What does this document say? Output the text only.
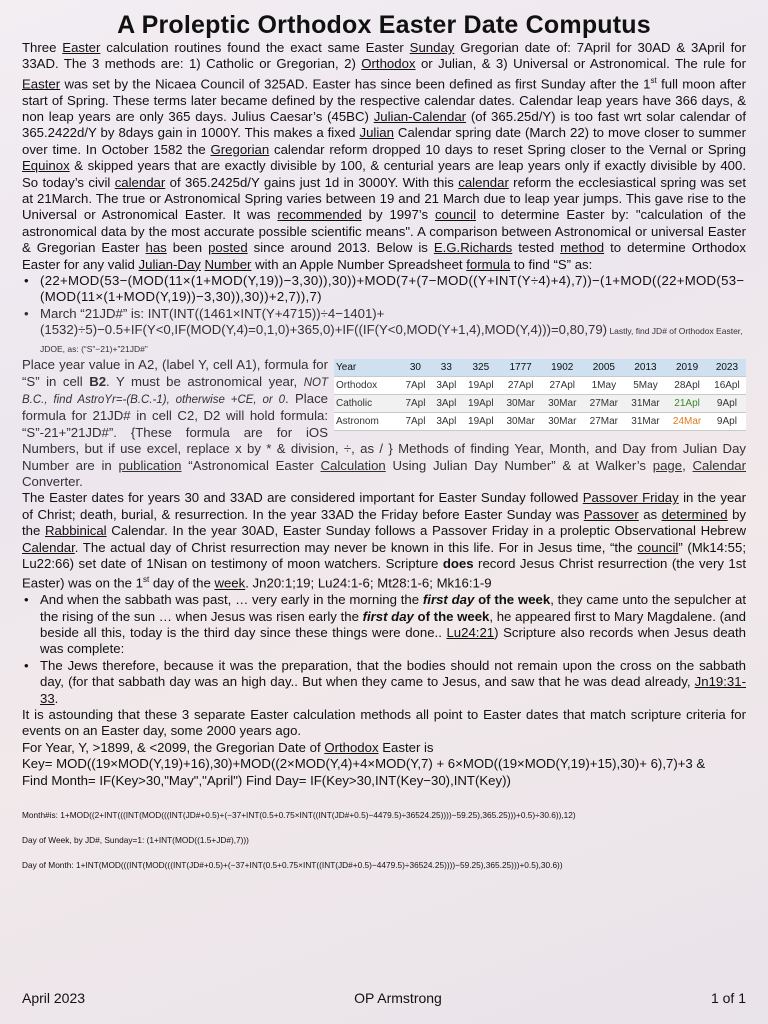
A Proleptic Orthodox Easter Date Computus

Three Easter calculation routines found the exact same Easter Sunday Gregorian date of: 7April for 30AD & 3April for 33AD. The 3 methods are: 1) Catholic or Gregorian, 2) Orthodox or Julian, & 3) Universal or Astronomical. The rule for Easter was set by the Nicaea Council of 325AD. Easter has since been defined as first Sunday after the 1st full moon after start of Spring. These terms later became defined by the respective calendar dates. Calendar leap years have 366 days, & non leap years are only 365 days. Julius Caesar’s (45BC) Julian-Calendar (of 365.25d/Y) is too fast wrt solar calendar of 365.2422d/Y by 8days gain in 1000Y. This makes a fixed Julian Calendar spring date (March 22) to move closer to summer over time. In October 1582 the Gregorian calendar reform dropped 10 days to reset Spring closer to the Vernal or Spring Equinox & skipped years that are exactly divisible by 100, & centurial years are leap years only if exactly divisible by 400. So today’s civil calendar of 365.2425d/Y gains just 1d in 3000Y. With this calendar reform the ecclesiastical spring was set at 21March. The true or Astronomical Spring varies between 19 and 21 March due to leap year jumps. This gave rise to the Universal or Astronomical Easter. It was recommended by 1997’s council to determine Easter by: "calculation of the astronomical data by the most accurate possible scientific means". A comparison between Astronomical or universal Easter & Gregorian Easter has been posted since around 2013. Below is E.G.Richards tested method to determine Orthodox Easter for any valid Julian-Day Number with an Apple Number Spreadsheet formula to find “S” as:

• (22+MOD(53−(MOD(11×(1+MOD(Y,19))−3,30)),30))+MOD(7+(7−MOD((Y+INT(Y÷4)+4),7))−(1+MOD((22+MOD(53−(MOD(11×(1+MOD(Y,19))−3,30)),30))+2,7)),7)

• March “21JD#” is: INT(INT((1461×INT(Y+4715))÷4−1401)+(1532)÷5)−0.5+IF(Y<0,IF(MOD(Y,4)=0,1,0)+365,0)+IF((IF(Y<0,MOD(Y+1,4),MOD(Y,4)))=0,80,79) Lastly, find JD# of Orthodox Easter, JDOE, as: (“S”−21)+”21JD#”

Year	30	33	325	1777	1902	2005	2013	2019	2023
Orthodox	7Apl	3Apl	19Apl	27Apl	27Apl	1May	5May	28Apl	16Apl
Catholic	7Apl	3Apl	19Apl	30Mar	30Mar	27Mar	31Mar	21Apl	9Apl
Astronom	7Apl	3Apl	19Apl	30Mar	30Mar	27Mar	31Mar	24Mar	9Apl
Place year value in A2, (label Y, cell A1), formula for “S” in cell B2. Y must be astronomical year, NOT B.C., find AstroYr=-(B.C.-1), otherwise +CE, or 0. Place formula for 21JD# in cell C2, D2 will hold formula: “S”-21+”21JD#”. {These formula are for iOS Numbers, but if use excel, replace x by * & division, ÷, as / } Methods of finding Year, Month, and Day from Julian Day Number are in publication “Astronomical Easter Calculation Using Julian Day Number” & at Walker’s page, Calendar Converter.

The Easter dates for years 30 and 33AD are considered important for Easter Sunday followed Passover Friday in the year of Christ; death, burial, & resurrection. In the year 33AD the Friday before Easter Sunday was Passover as determined by the Rabbinical Calendar. In the year 30AD, Easter Sunday follows a Passover Friday in a proleptic Observational Hebrew Calendar. The actual day of Christ resurrection may never be known in this life. For in Jesus time, “the council” (Mk14:55; Lu22:66) set date of 1Nisan on testimony of moon watchers. Scripture does record Jesus Christ resurrection (the very 1st Easter) was on the 1st day of the week. Jn20:1;19; Lu24:1-6; Mt28:1-6; Mk16:1-9

• And when the sabbath was past, … very early in the morning the first day of the week, they came unto the sepulcher at the rising of the sun … when Jesus was risen early the first day of the week, he appeared first to Mary Magdalene. (and beside all this, today is the third day since these things were done.. Lu24:21) Scripture also records when Jesus death was complete:

• The Jews therefore, because it was the preparation, that the bodies should not remain upon the cross on the sabbath day, (for that sabbath day was an high day.. But when they came to Jesus, and saw that he was dead already, Jn19:31-33.

It is astounding that these 3 separate Easter calculation methods all point to Easter dates that match scripture criteria for events on an Easter day, some 2000 years ago.

For Year, Y, >1899, & <2099, the Gregorian Date of Orthodox Easter is

Key= MOD((19×MOD(Y,19)+16),30)+MOD((2×MOD(Y,4)+4×MOD(Y,7) + 6×MOD((19×MOD(Y,19)+15),30)+ 6),7)+3 &

Find Month= IF(Key>30,"May","April") Find Day= IF(Key>30,INT(Key−30),INT(Key))

Month#is: 1+MOD((2+INT(((INT(MOD(((INT(JD#+0.5)+(−37+INT(0.5+0.75×INT((INT(JD#+0.5)−4479.5)÷36524.25))))−59.25),365.25)))+0.5)÷30.6)),12)

Day of Week, by JD#, Sunday=1: (1+INT(MOD((1.5+JD#),7)))

Day of Month: 1+INT(MOD(((INT(MOD(((INT(JD#+0.5)+(−37+INT(0.5+0.75×INT((INT(JD#+0.5)−4479.5)÷36524.25))))−59.25),365.25)))+0.5),30.6))

April 2023	OP Armstrong	1 of 1
